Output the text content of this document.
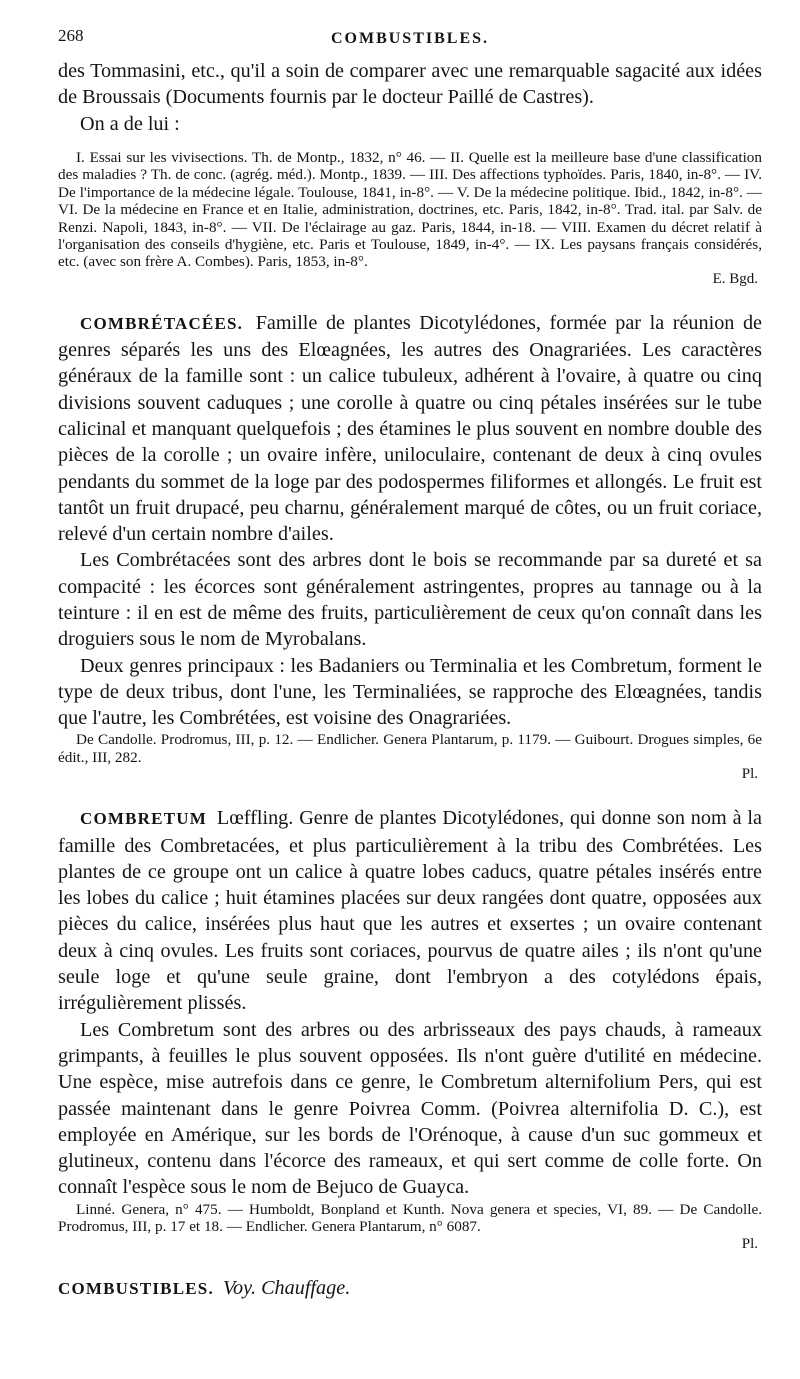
268	COMBUSTIBLES.

des Tommasini, etc., qu'il a soin de comparer avec une remarquable sagacité aux idées de Broussais (Documents fournis par le docteur Paillé de Castres).

On a de lui :

I. Essai sur les vivisections. Th. de Montp., 1832, n° 46. — II. Quelle est la meilleure base d'une classification des maladies ? Th. de conc. (agrég. méd.). Montp., 1839. — III. Des affections typhoïdes. Paris, 1840, in-8°. — IV. De l'importance de la médecine légale. Toulouse, 1841, in-8°. — V. De la médecine politique. Ibid., 1842, in-8°. — VI. De la médecine en France et en Italie, administration, doctrines, etc. Paris, 1842, in-8°. Trad. ital. par Salv. de Renzi. Napoli, 1843, in-8°. — VII. De l'éclairage au gaz. Paris, 1844, in-18. — VIII. Examen du décret relatif à l'organisation des conseils d'hygiène, etc. Paris et Toulouse, 1849, in-4°. — IX. Les paysans français considérés, etc. (avec son frère A. Combes). Paris, 1853, in-8°.

E. Bgd.

COMBRÉTACÉES. Famille de plantes Dicotylédones, formée par la réunion de genres séparés les uns des Elœagnées, les autres des Onagrariées. Les caractères généraux de la famille sont : un calice tubuleux, adhérent à l'ovaire, à quatre ou cinq divisions souvent caduques ; une corolle à quatre ou cinq pétales insérées sur le tube calicinal et manquant quelquefois ; des étamines le plus souvent en nombre double des pièces de la corolle ; un ovaire infère, uniloculaire, contenant de deux à cinq ovules pendants du sommet de la loge par des podospermes filiformes et allongés. Le fruit est tantôt un fruit drupacé, peu charnu, généralement marqué de côtes, ou un fruit coriace, relevé d'un certain nombre d'ailes.

Les Combrétacées sont des arbres dont le bois se recommande par sa dureté et sa compacité : les écorces sont généralement astringentes, propres au tannage ou à la teinture : il en est de même des fruits, particulièrement de ceux qu'on connaît dans les droguiers sous le nom de Myrobalans.

Deux genres principaux : les Badaniers ou Terminalia et les Combretum, forment le type de deux tribus, dont l'une, les Terminaliées, se rapproche des Elœagnées, tandis que l'autre, les Combrétées, est voisine des Onagrariées.

De Candolle. Prodromus, III, p. 12. — Endlicher. Genera Plantarum, p. 1179. — Guibourt. Drogues simples, 6e édit., III, 282.

Pl.

COMBRETUM Lœffling. Genre de plantes Dicotylédones, qui donne son nom à la famille des Combretacées, et plus particulièrement à la tribu des Combrétées. Les plantes de ce groupe ont un calice à quatre lobes caducs, quatre pétales insérés entre les lobes du calice ; huit étamines placées sur deux rangées dont quatre, opposées aux pièces du calice, insérées plus haut que les autres et exsertes ; un ovaire contenant deux à cinq ovules. Les fruits sont coriaces, pourvus de quatre ailes ; ils n'ont qu'une seule loge et qu'une seule graine, dont l'embryon a des cotylédons épais, irrégulièrement plissés.

Les Combretum sont des arbres ou des arbrisseaux des pays chauds, à rameaux grimpants, à feuilles le plus souvent opposées. Ils n'ont guère d'utilité en médecine. Une espèce, mise autrefois dans ce genre, le Combretum alternifolium Pers, qui est passée maintenant dans le genre Poivrea Comm. (Poivrea alternifolia D. C.), est employée en Amérique, sur les bords de l'Orénoque, à cause d'un suc gommeux et glutineux, contenu dans l'écorce des rameaux, et qui sert comme de colle forte. On connaît l'espèce sous le nom de Bejuco de Guayca.

Linné. Genera, n° 475. — Humboldt, Bonpland et Kunth. Nova genera et species, VI, 89. — De Candolle. Prodromus, III, p. 17 et 18. — Endlicher. Genera Plantarum, n° 6087.

Pl.

COMBUSTIBLES. Voy. Chauffage.
